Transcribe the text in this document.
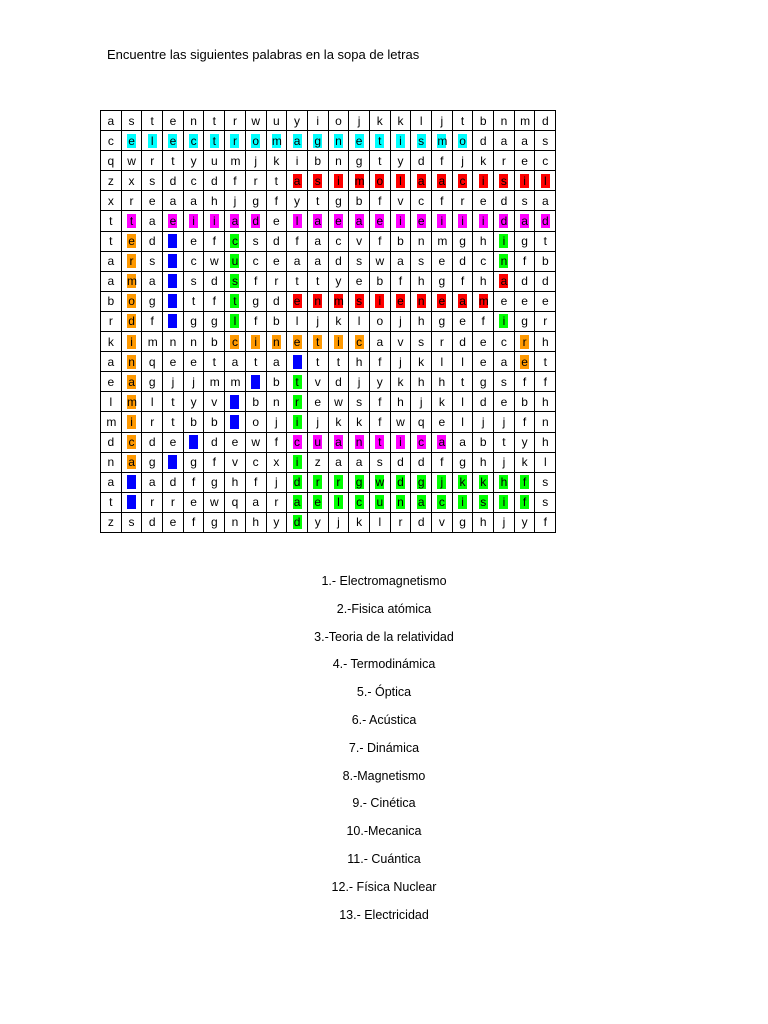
Encuentre las siguientes palabras en la sopa de letras
a	s	t	e	n	t	r	w	u	y	i	o	j	k	k	l	j	t	b	n	m	d
c	e	l	e	c	t	r	o	m	a	g	n	e	t	i	s	m	o	d	a	a	s
q	w	r	t	y	u	m	j	k	i	b	n	g	t	y	d	f	j	k	r	e	c
z	x	s	d	c	d	f	r	t	a	s	i	m	o	l	a	a	c	i	s	i	l
x	r	e	a	a	h	j	g	f	y	t	g	b	f	v	c	f	r	e	d	s	a
t	t	a	e	i	i	a	d	e	l	a	e	a	e	i	e	i	i	i	d	a	d
t	e	d	a	e	f	c	s	d	f	a	c	v	f	b	n	m	g	h	i	g	t
a	r	s	e	c	w	u	c	e	a	a	d	s	w	a	s	e	d	c	n	f	b
a	m	a	i	s	d	s	f	r	t	t	y	e	b	f	h	g	f	h	a	d	d
b	o	g	t	t	f	t	g	d	e	n	m	s	i	e	n	e	a	m	e	e	e
r	d	f	a	g	g	l	f	b	l	j	k	l	o	j	h	g	e	f	i	g	r
k	i	m	n	n	b	c	i	n	e	t	i	c	a	v	s	r	d	e	c	r	h
a	n	q	e	e	t	a	t	a	c	t	t	h	f	j	k	l	l	e	a	e	t
e	a	g	j	j	m	m	a	b	t	v	d	j	y	k	h	h	t	g	s	f	f
l	m	l	t	y	v	l	b	n	r	e	w	s	f	h	j	k	l	d	e	b	h
m	i	r	t	b	b	l	o	j	i	j	k	k	f	w	q	e	l	j	j	f	n
d	c	d	e	a	d	e	w	f	c	u	a	n	t	i	c	a	a	b	t	y	h
n	a	g	a	g	f	v	c	x	i	z	a	a	s	d	d	f	g	h	j	k	l
a	s	a	d	f	g	h	f	j	d	r	r	g	w	d	g	j	k	k	h	f	s
t	n	r	r	e	w	q	a	r	a	e	l	c	u	n	a	c	i	s	i	f	s
z	s	d	e	f	g	n	h	y	d	y	j	k	l	r	d	v	g	h	j	y	f
1.- Electromagnetismo
2.-Fisica atómica
3.-Teoria de la relatividad
4.- Termodinámica
5.- Óptica
6.- Acústica
7.- Dinámica
8.-Magnetismo
9.- Cinética
10.-Mecanica
11.- Cuántica
12.- Física Nuclear
13.- Electricidad
